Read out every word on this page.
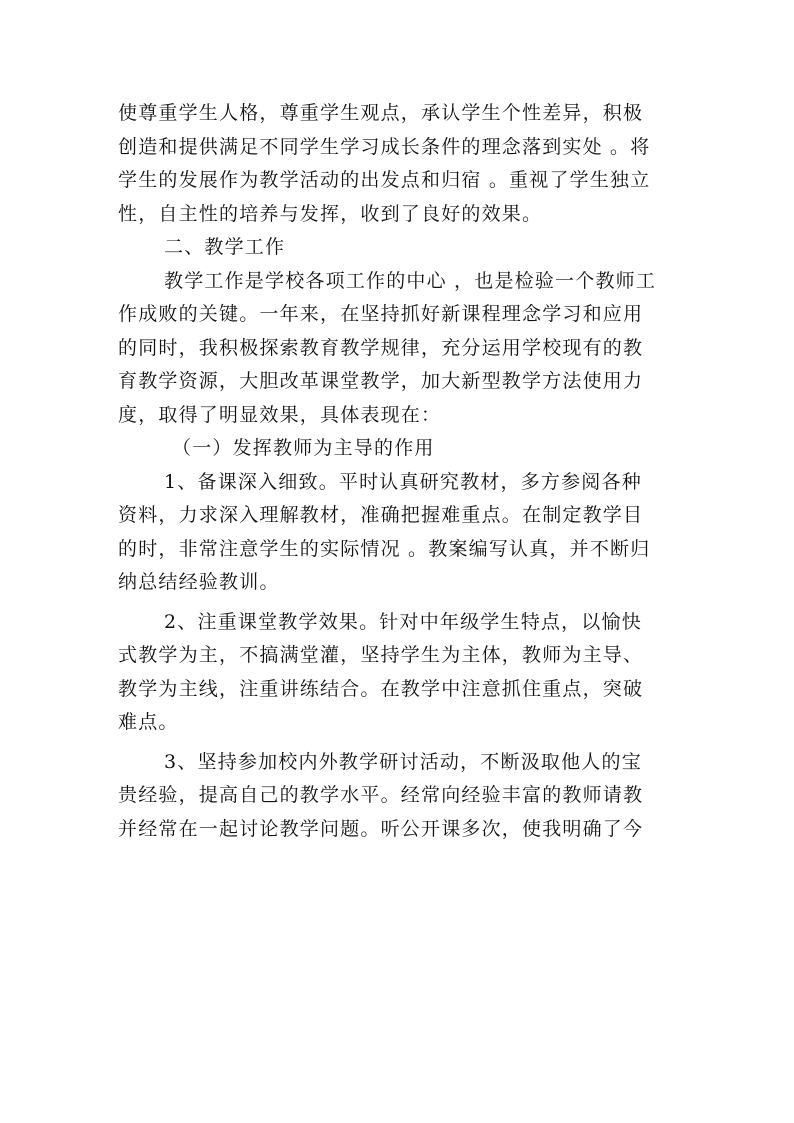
使尊重学生人格，尊重学生观点，承认学生个性差异，积极
创造和提供满足不同学生学习成长条件的理念落到实处 。将
学生的发展作为教学活动的出发点和归宿 。重视了学生独立
性，自主性的培养与发挥，收到了良好的效果。
二、教学工作
教学工作是学校各项工作的中心 ，也是检验一个教师工
作成败的关键。一年来，在坚持抓好新课程理念学习和应用
的同时，我积极探索教育教学规律，充分运用学校现有的教
育教学资源，大胆改革课堂教学，加大新型教学方法使用力
度，取得了明显效果，具体表现在：
（一）发挥教师为主导的作用
1、备课深入细致。平时认真研究教材，多方参阅各种
资料，力求深入理解教材，准确把握难重点。在制定教学目
的时，非常注意学生的实际情况 。教案编写认真，并不断归
纳总结经验教训。
2、注重课堂教学效果。针对中年级学生特点，以愉快
式教学为主，不搞满堂灌，坚持学生为主体，教师为主导、
教学为主线，注重讲练结合。在教学中注意抓住重点，突破
难点。
3、坚持参加校内外教学研讨活动，不断汲取他人的宝
贵经验，提高自己的教学水平。经常向经验丰富的教师请教
并经常在一起讨论教学问题。听公开课多次，使我明确了今
